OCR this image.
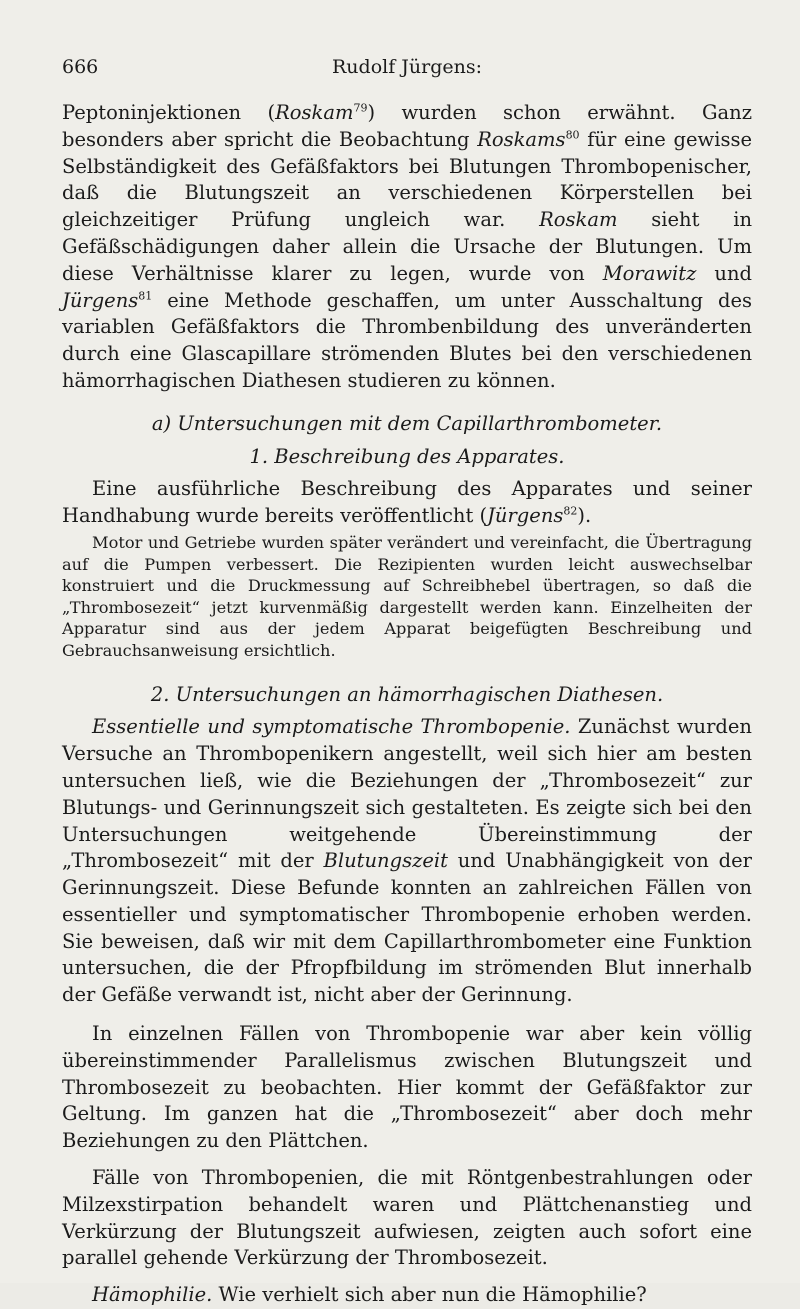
666	Rudolf Jürgens:

Peptoninjektionen (Roskam$^{79}$) wurden schon erwähnt. Ganz besonders aber spricht die Beobachtung Roskams$^{80}$ für eine gewisse Selbständigkeit des Gefäßfaktors bei Blutungen Thrombopenischer, daß die Blutungszeit an verschiedenen Körperstellen bei gleichzeitiger Prüfung ungleich war. Roskam sieht in Gefäßschädigungen daher allein die Ursache der Blutungen. Um diese Verhältnisse klarer zu legen, wurde von Morawitz und Jürgens$^{81}$ eine Methode geschaffen, um unter Ausschaltung des variablen Gefäßfaktors die Thrombenbildung des unveränderten durch eine Glascapillare strömenden Blutes bei den verschiedenen hämorrhagischen Diathesen studieren zu können.

a) Untersuchungen mit dem Capillarthrombometer.

1. Beschreibung des Apparates.

Eine ausführliche Beschreibung des Apparates und seiner Handhabung wurde bereits veröffentlicht (Jürgens$^{82}$).

Motor und Getriebe wurden später verändert und vereinfacht, die Übertragung auf die Pumpen verbessert. Die Rezipienten wurden leicht auswechselbar konstruiert und die Druckmessung auf Schreibhebel übertragen, so daß die „Thrombosezeit“ jetzt kurvenmäßig dargestellt werden kann. Einzelheiten der Apparatur sind aus der jedem Apparat beigefügten Beschreibung und Gebrauchsanweisung ersichtlich.

2. Untersuchungen an hämorrhagischen Diathesen.

Essentielle und symptomatische Thrombopenie. Zunächst wurden Versuche an Thrombopenikern angestellt, weil sich hier am besten untersuchen ließ, wie die Beziehungen der „Thrombosezeit“ zur Blutungs- und Gerinnungszeit sich gestalteten. Es zeigte sich bei den Untersuchungen weitgehende Übereinstimmung der „Thrombosezeit“ mit der Blutungszeit und Unabhängigkeit von der Gerinnungszeit. Diese Befunde konnten an zahlreichen Fällen von essentieller und symptomatischer Thrombopenie erhoben werden. Sie beweisen, daß wir mit dem Capillarthrombometer eine Funktion untersuchen, die der Pfropfbildung im strömenden Blut innerhalb der Gefäße verwandt ist, nicht aber der Gerinnung.

In einzelnen Fällen von Thrombopenie war aber kein völlig übereinstimmender Parallelismus zwischen Blutungszeit und Thrombosezeit zu beobachten. Hier kommt der Gefäßfaktor zur Geltung. Im ganzen hat die „Thrombosezeit“ aber doch mehr Beziehungen zu den Plättchen.

Fälle von Thrombopenien, die mit Röntgenbestrahlungen oder Milzexstirpation behandelt waren und Plättchenanstieg und Verkürzung der Blutungszeit aufwiesen, zeigten auch sofort eine parallel gehende Verkürzung der Thrombosezeit.

Hämophilie. Wie verhielt sich aber nun die Hämophilie?
